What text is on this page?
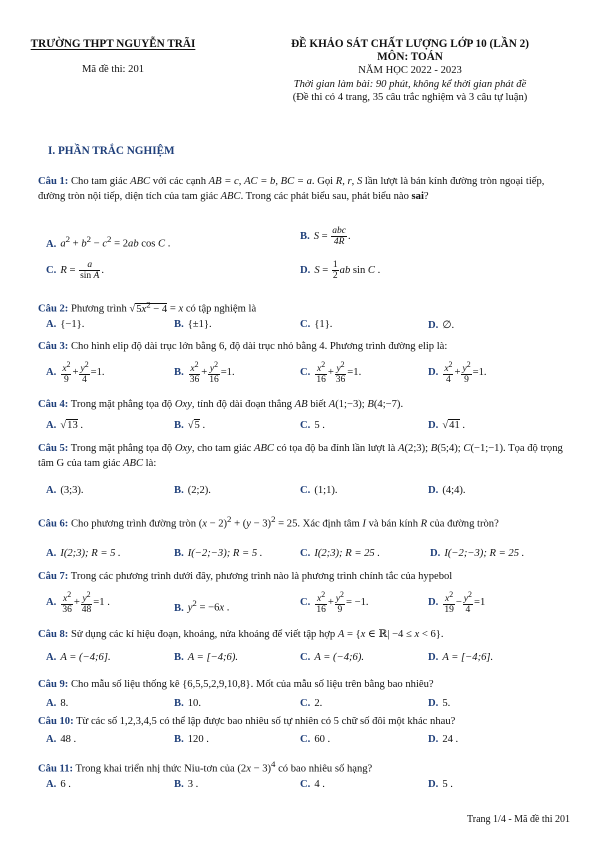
TRƯỜNG THPT NGUYỄN TRÃI
Mã đề thi: 201
ĐỀ KHẢO SÁT CHẤT LƯỢNG LỚP 10 (LẦN 2)
MÔN: TOÁN
NĂM HỌC 2022 - 2023
Thời gian làm bài: 90 phút, không kể thời gian phát đề
(Đề thi có 4 trang, 35 câu trắc nghiệm và 3 câu tự luận)
I. PHẦN TRẮC NGHIỆM
Câu 1: Cho tam giác ABC với các cạnh AB = c, AC = b, BC = a. Gọi R, r, S lần lượt là bán kính đường tròn ngoại tiếp, đường tròn nội tiếp, diện tích của tam giác ABC. Trong các phát biểu sau, phát biểu nào sai?
A. $a^2 + b^2 - c^2 = 2ab$ cos C .
B. $S = \frac{\text{abc}}{4R}$ .
C. $R = \frac{a}{\text{sin A}}$ .	D. $S = \frac{1}{2}$ ab sin C .
Câu 2: Phương trình $√5x^2 - 4 = x$ có tập nghiệm là
A. {−1}.	B. {±1}.	C. {1}.	D. ∅.
Câu 3: Cho hình elip độ dài trục lớn bằng 6, độ dài trục nhỏ bằng 4. Phương trình đường elip là:
A. $\frac{x^2}{9} + \frac{y^2}{4} =1$.	B. $\frac{x^2}{36} + \frac{y^2}{16} =1$.	C. $\frac{x^2}{16} + \frac{y^2}{36} =1$.	D. $\frac{x^2}{4} + \frac{y^2}{9} =1$.
Câu 4: Trong mặt phẳng tọa độ Oxy, tính độ dài đoạn thẳng AB biết A(1;−3); B(4;−7).
A. √13 .	B. √5 .	C. 5 .	D. √41 .
Câu 5: Trong mặt phẳng tọa độ Oxy, cho tam giác ABC có tọa độ ba đỉnh lần lượt là A(2;3); B(5;4); C(−1;−1). Tọa độ trọng tâm G của tam giác ABC là:
A. (3;3).	B. (2;2).	C. (1;1).	D. (4;4).
Câu 6: Cho phương trình đường tròn $(x - 2)^2 + (y - 3)^2 = 25$. Xác định tâm I và bán kính R của đường tròn?
A. I(2;3); R = 5 .	B. I(−2;−3); R = 5 .	C. I(2;3); R = 25 .	D. I(−2;−3); R = 25 .
Câu 7: Trong các phương trình dưới đây, phương trình nào là phương trình chính tắc của hypebol
A. $\frac{x^2}{36} + \frac{y^2}{48} =1$ .
B. $y^2 = -6x$ .
C. $\frac{x^2}{16} + \frac{y^2}{9} = -1$.	D. $\frac{x^2}{19} - \frac{y^2}{4} =1$
Câu 8: Sử dụng các kí hiệu đoạn, khoảng, nửa khoảng để viết tập hợp A = {x ∈ ℝ| −4 ≤ x < 6}.
A. A = (−4;6].	B. A = [−4;6).	C. A = (−4;6).	D. A = [−4;6].
Câu 9: Cho mẫu số liệu thống kê {6,5,5,2,9,10,8}. Mốt của mẫu số liệu trên bằng bao nhiêu?
A. 8.	B. 10.	C. 2.	D. 5.
Câu 10: Từ các số 1,2,3,4,5 có thể lập được bao nhiêu số tự nhiên có 5 chữ số đôi một khác nhau?
A. 48 .	B. 120 .	C. 60 .	D. 24 .
Câu 11: Trong khai triển nhị thức Niu-tơn của $(2x - 3)^4$ có bao nhiêu số hạng?
A. 6 .	B. 3 .	C. 4 .	D. 5 .
Trang 1/4 - Mã đề thi 201
